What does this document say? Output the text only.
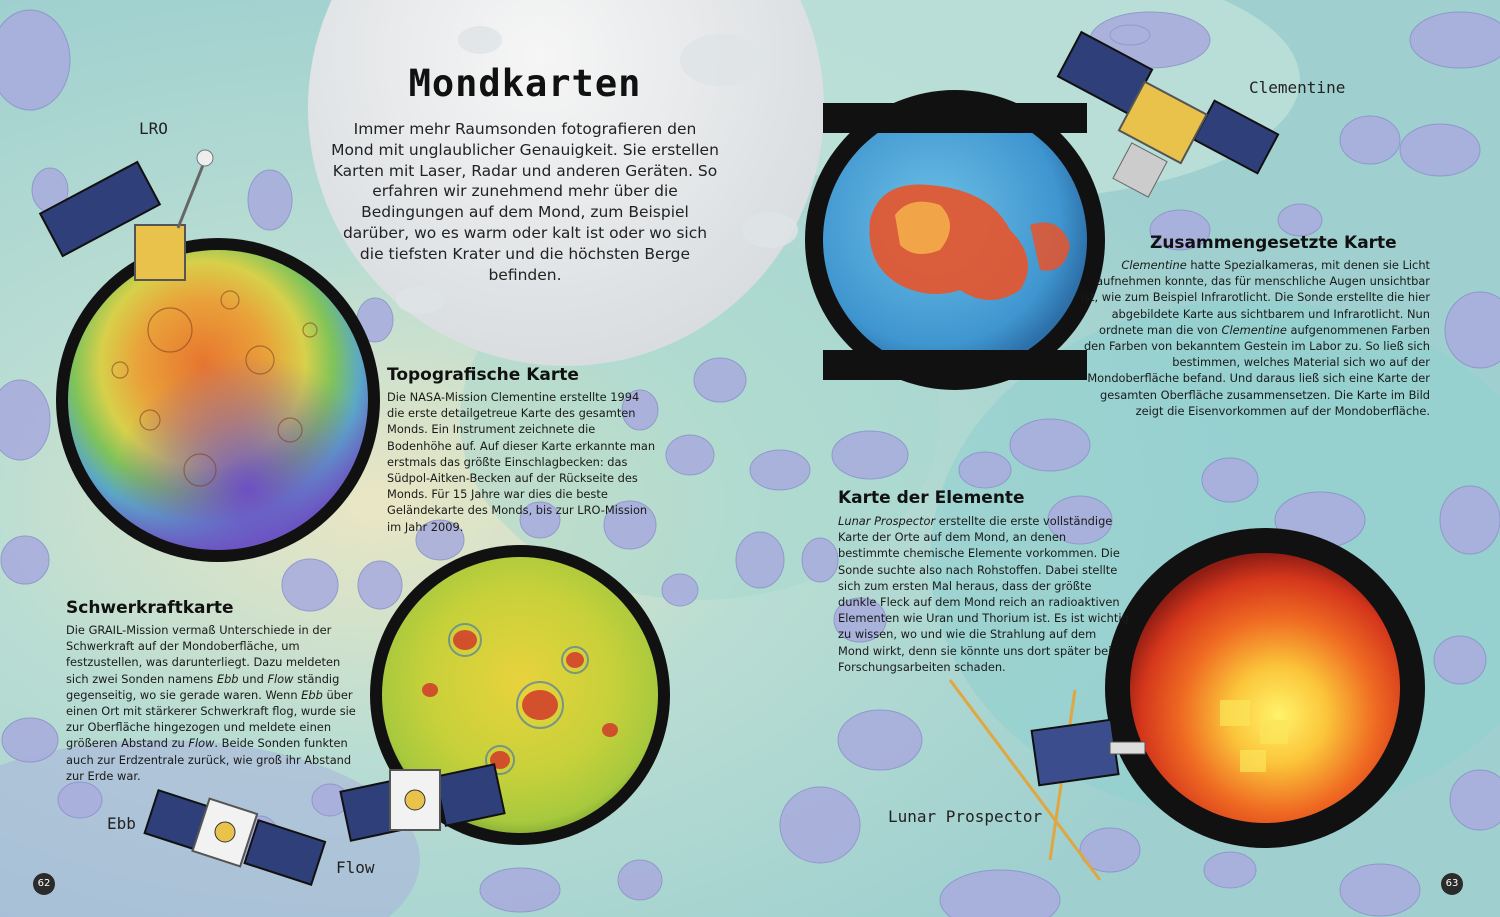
Mondkarten

Immer mehr Raumsonden fotografieren den Mond mit unglaublicher Genauigkeit. Sie erstellen Karten mit Laser, Radar und anderen Geräten. So erfahren wir zunehmend mehr über die Bedingungen auf dem Mond, zum Beispiel darüber, wo es warm oder kalt ist oder wo sich die tiefsten Krater und die höchsten Berge befinden.

Topografische Karte

Die NASA-Mission Clementine erstellte 1994 die erste detailgetreue Karte des gesamten Monds. Ein Instrument zeichnete die Bodenhöhe auf. Auf dieser Karte erkannte man erstmals das größte Einschlagbecken: das Südpol-Aitken-Becken auf der Rückseite des Monds. Für 15 Jahre war dies die beste Geländekarte des Monds, bis zur LRO-Mission im Jahr 2009.

Schwerkraftkarte

Die GRAIL-Mission vermaß Unterschiede in der Schwerkraft auf der Mondoberfläche, um festzustellen, was darunterliegt. Dazu meldeten sich zwei Sonden namens Ebb und Flow ständig gegenseitig, wo sie gerade waren. Wenn Ebb über einen Ort mit stärkerer Schwerkraft flog, wurde sie zur Oberfläche hingezogen und meldete einen größeren Abstand zu Flow. Beide Sonden funkten auch zur Erdzentrale zurück, wie groß ihr Abstand zur Erde war.

Zusammengesetzte Karte

Clementine hatte Spezialkameras, mit denen sie Licht aufnehmen konnte, das für menschliche Augen unsichtbar ist, wie zum Beispiel Infrarotlicht. Die Sonde erstellte die hier abgebildete Karte aus sichtbarem und Infrarotlicht. Nun ordnete man die von Clementine aufgenommenen Farben den Farben von bekanntem Gestein im Labor zu. So ließ sich bestimmen, welches Material sich wo auf der Mondoberfläche befand. Und daraus ließ sich eine Karte der gesamten Oberfläche zusammensetzen. Die Karte im Bild zeigt die Eisenvorkommen auf der Mondoberfläche.

Karte der Elemente

Lunar Prospector erstellte die erste vollständige Karte der Orte auf dem Mond, an denen bestimmte chemische Elemente vorkommen. Die Sonde suchte also nach Rohstoffen. Dabei stellte sich zum ersten Mal heraus, dass der größte dunkle Fleck auf dem Mond reich an radioaktiven Elementen wie Uran und Thorium ist. Es ist wichtig zu wissen, wo und wie die Strahlung auf dem Mond wirkt, denn sie könnte uns dort später bei Forschungsarbeiten schaden.

LRO
Clementine
Ebb
Flow
Lunar Prospector
62	63
